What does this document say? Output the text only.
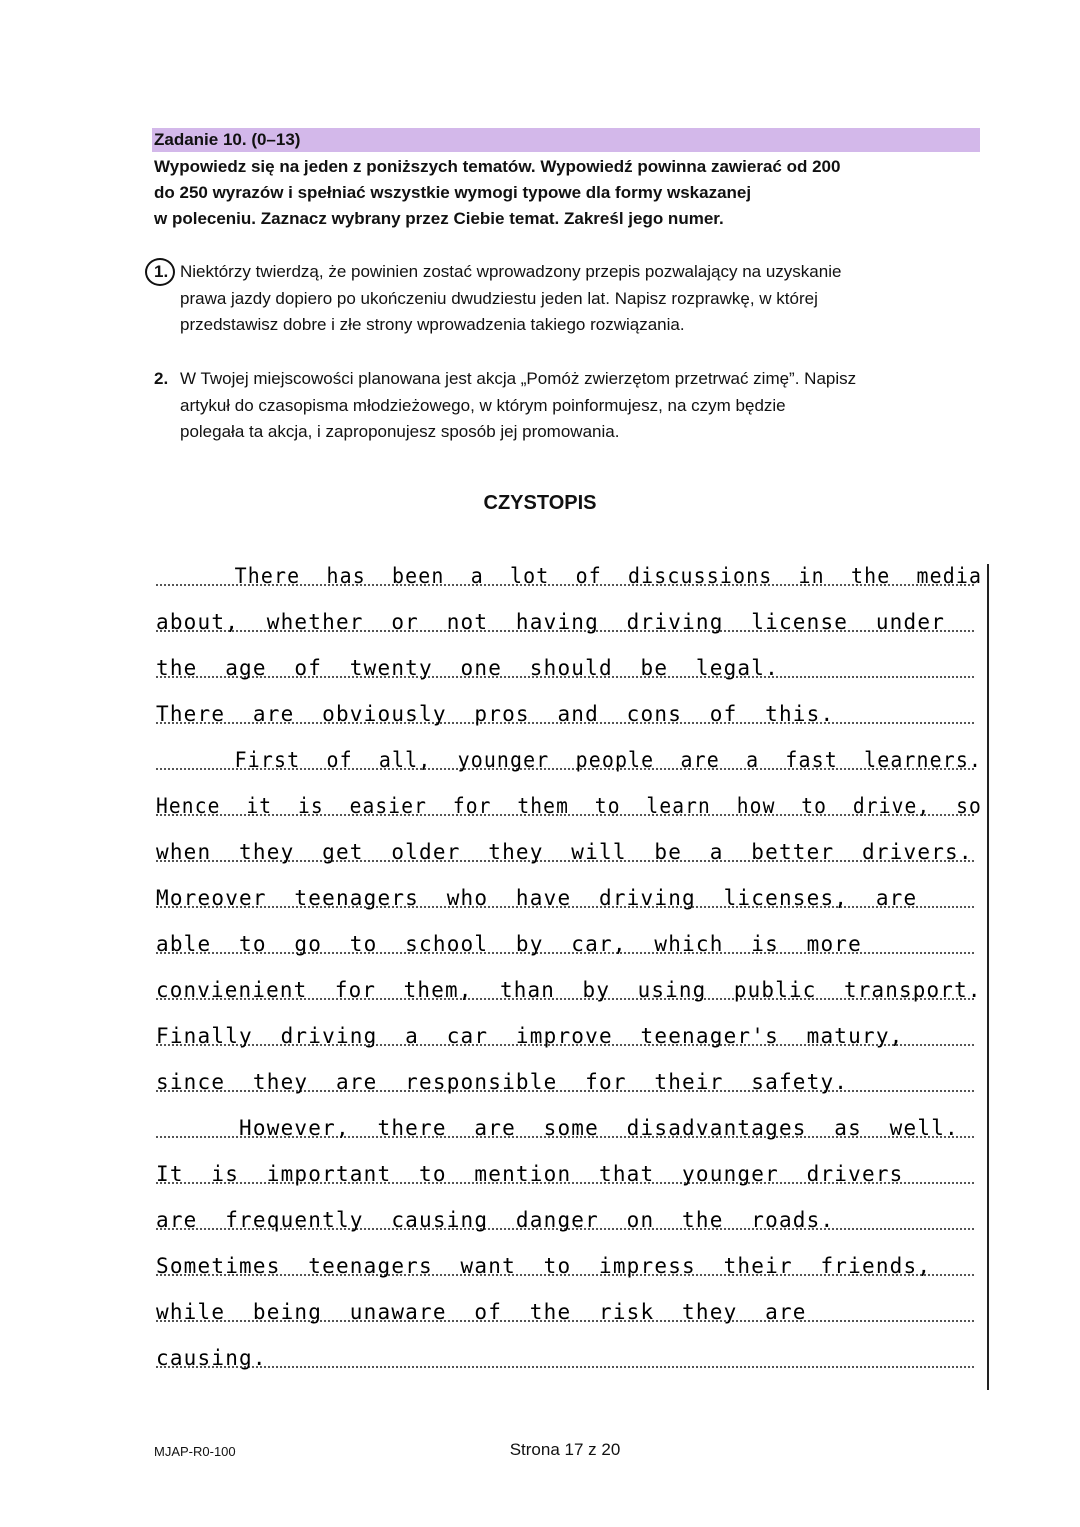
Zadanie 10. (0–13)
Wypowiedz się na jeden z poniższych tematów. Wypowiedź powinna zawierać od 200
do 250 wyrazów i spełniać wszystkie wymogi typowe dla formy wskazanej
w poleceniu. Zaznacz wybrany przez Ciebie temat. Zakreśl jego numer.
1. Niektórzy twierdzą, że powinien zostać wprowadzony przepis pozwalający na uzyskanie
prawa jazdy dopiero po ukończeniu dwudziestu jeden lat. Napisz rozprawkę, w której
przedstawisz dobre i złe strony wprowadzenia takiego rozwiązania.
2. W Twojej miejscowości planowana jest akcja „Pomóż zwierzętom przetrwać zimę”. Napisz
artykuł do czasopisma młodzieżowego, w którym poinformujesz, na czym będzie
polegała ta akcja, i zaproponujesz sposób jej promowania.
CZYSTOPIS
There  has  been  a  lot  of  discussions  in  the  media
about,  whether  or  not  having  driving  license  under
the  age  of  twenty  one  should  be  legal.
There  are  obviously  pros  and  cons  of  this.
First  of  all,  younger  people  are  a  fast  learners.
Hence  it  is  easier  for  them  to  learn  how  to  drive,  so
when  they  get  older  they  will  be  a  better  drivers.
Moreover  teenagers  who  have  driving  licenses,  are
able  to  go  to  school  by  car,  which  is  more
convienient  for  them,  than  by  using  public  transport.
Finally  driving  a  car  improve  teenager's  matury,
since  they  are  responsible  for  their  safety.
However,  there  are  some  disadvantages  as  well.
It  is  important  to  mention  that  younger  drivers
are  frequently  causing  danger  on  the  roads.
Sometimes  teenagers  want  to  impress  their  friends,
while  being  unaware  of  the  risk  they  are
causing.
MJAP-R0-100	Strona 17 z 20
